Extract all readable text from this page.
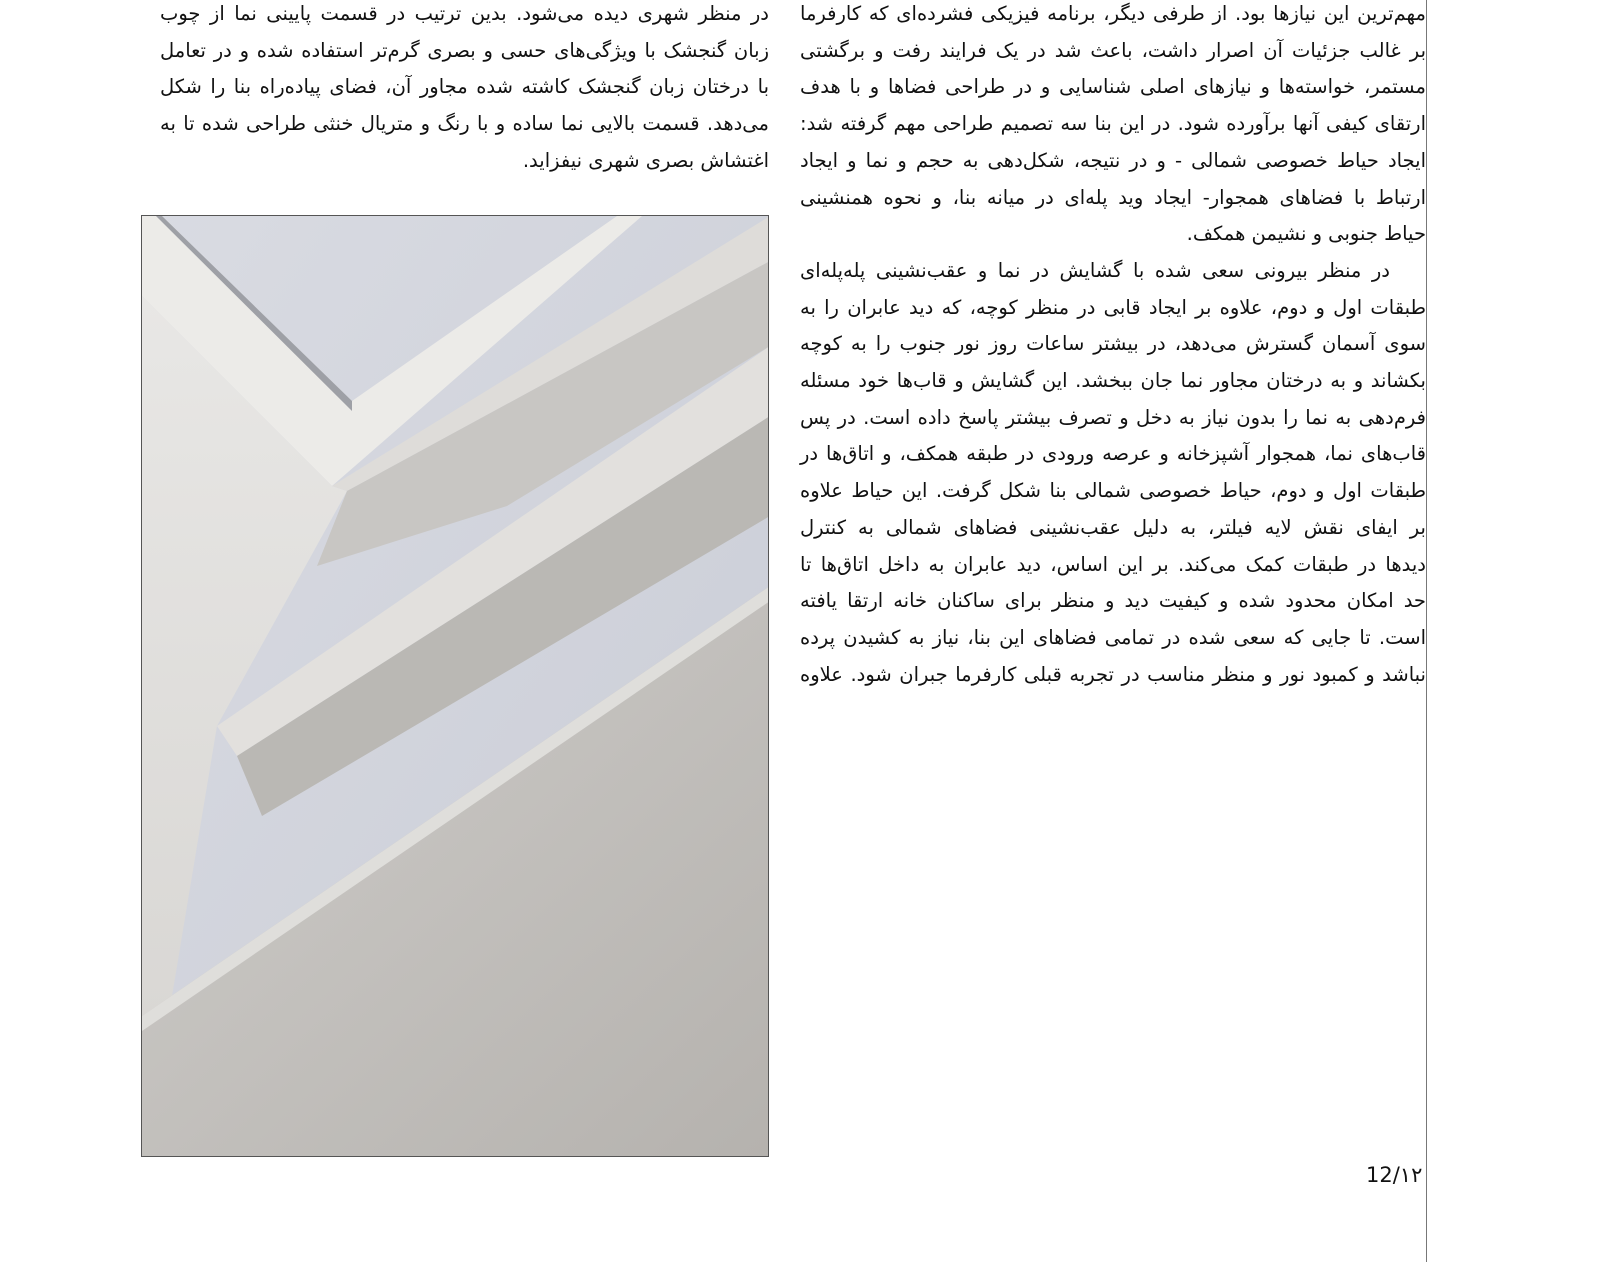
مهم‌ترین این نیازها بود. از طرفی دیگر، برنامه فیزیکی فشرده‌ای که کارفرما
بر غالب جزئیات آن اصرار داشت، باعث شد در یک فرایند رفت و برگشتی
مستمر، خواسته‌ها و نیازهای اصلی شناسایی و در طراحی فضاها و با هدف
ارتقای کیفی آنها برآورده شود. در این بنا سه تصمیم طراحی مهم گرفته شد:
ایجاد حیاط خصوصی شمالی - و در نتیجه، شکل‌دهی به حجم و نما و ایجاد
ارتباط با فضاهای همجوار- ایجاد وید پله‌ای در میانه بنا، و نحوه همنشینی
حیاط جنوبی و نشیمن همکف.
در منظر بیرونی سعی شده با گشایش در نما و عقب‌نشینی پله‌پله‌ای
طبقات اول و دوم، علاوه بر ایجاد قابی در منظر کوچه، که دید عابران را به
سوی آسمان گسترش می‌دهد، در بیشتر ساعات روز نور جنوب را به کوچه
بکشاند و به درختان مجاور نما جان ببخشد. این گشایش و قاب‌ها خود مسئله
فرم‌دهی به نما را بدون نیاز به دخل و تصرف بیشتر پاسخ داده است. در پس
قاب‌های نما، همجوار آشپزخانه و عرصه ورودی در طبقه همکف، و اتاق‌ها در
طبقات اول و دوم، حیاط خصوصی شمالی بنا شکل گرفت. این حیاط علاوه
بر ایفای نقش لایه فیلتر، به دلیل عقب‌نشینی فضاهای شمالی به کنترل
دیدها در طبقات کمک می‌کند. بر این اساس، دید عابران به داخل اتاق‌ها تا
حد امکان محدود شده و کیفیت دید و منظر برای ساکنان خانه ارتقا یافته
است. تا جایی که سعی شده در تمامی فضاهای این بنا، نیاز به کشیدن پرده
نباشد و کمبود نور و منظر مناسب در تجربه قبلی کارفرما جبران شود. علاوه
در منظر شهری دیده می‌شود. بدین ترتیب در قسمت پایینی نما از چوب
زبان گنجشک با ویژگی‌های حسی و بصری گرم‌تر استفاده شده و در تعامل
با درختان زبان گنجشک کاشته شده مجاور آن، فضای پیاده‌راه بنا را شکل
می‌دهد. قسمت بالایی نما ساده و با رنگ و متریال خنثی طراحی شده تا به
اغتشاش بصری شهری نیفزاید.
12/۱۲
